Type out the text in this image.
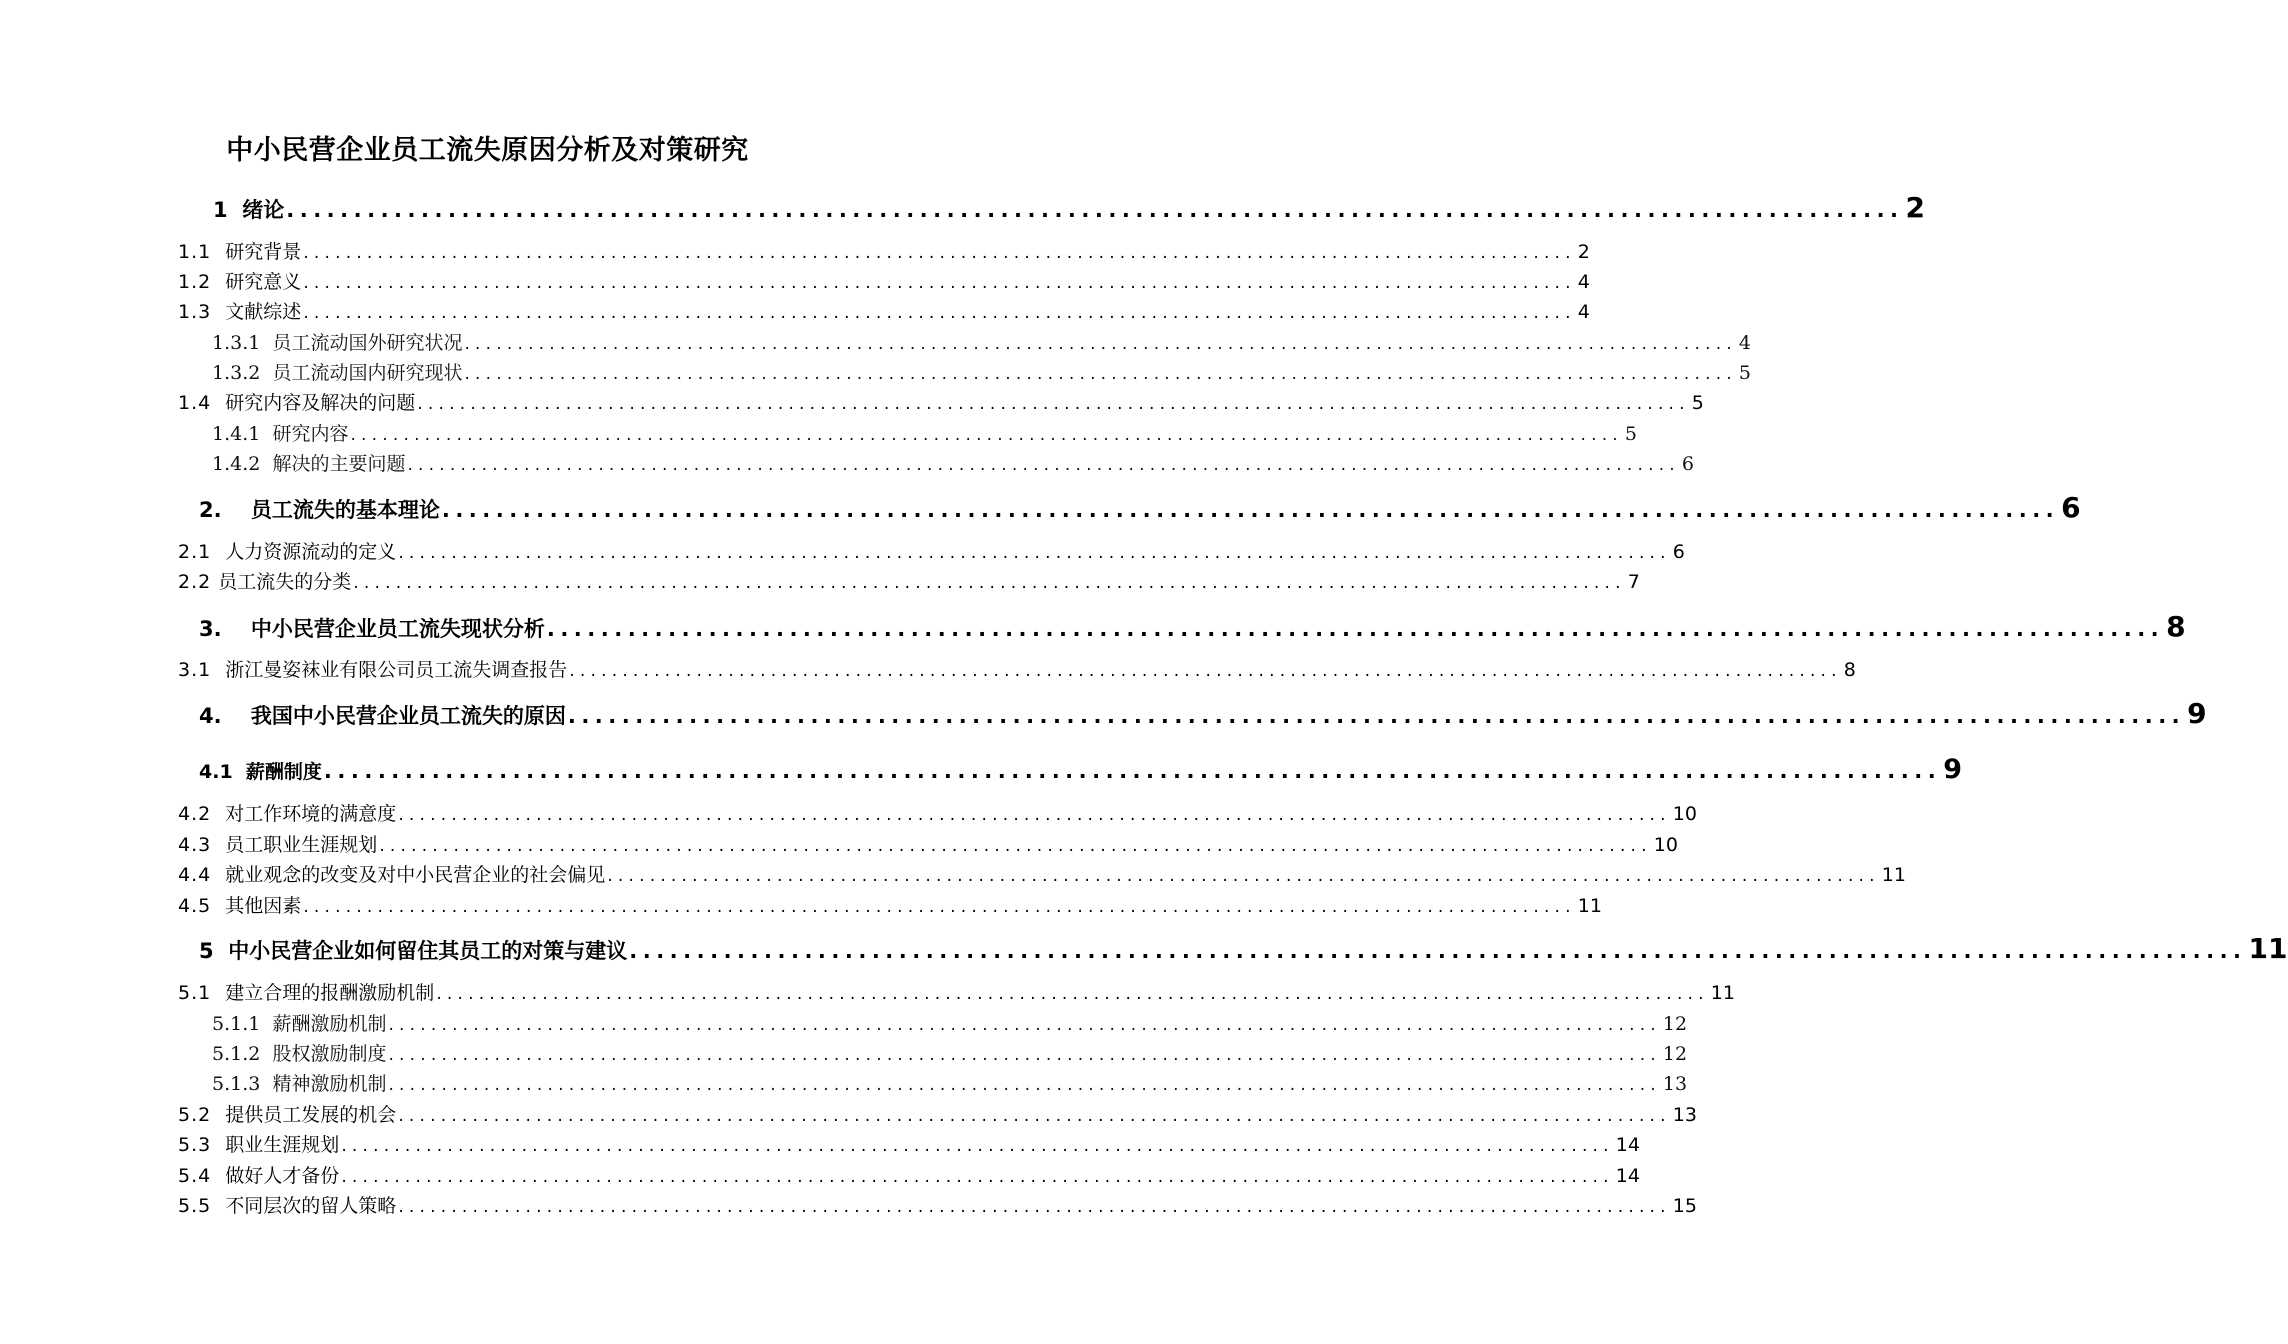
中小民营企业员工流失原因分析及对策研究
1 绪论 ........................................................................................................................ 2
1.1 研究背景 ........................................................................................................................ 2
1.2 研究意义 ........................................................................................................................ 4
1.3 文献综述 ........................................................................................................................ 4
1.3.1 员工流动国外研究状况 ........................................................................................................................ 4
1.3.2 员工流动国内研究现状 ........................................................................................................................ 5
1.4 研究内容及解决的问题 ........................................................................................................................ 5
1.4.1 研究内容 ........................................................................................................................ 5
1.4.2 解决的主要问题 ........................................................................................................................ 6
2. 员工流失的基本理论 ........................................................................................................................ 6
2.1 人力资源流动的定义 ........................................................................................................................ 6
2.2 员工流失的分类 ........................................................................................................................ 7
3. 中小民营企业员工流失现状分析 ........................................................................................................................ 8
3.1 浙江曼姿袜业有限公司员工流失调查报告 ........................................................................................................................ 8
4. 我国中小民营企业员工流失的原因 ........................................................................................................................ 9
4.1 薪酬制度 ........................................................................................................................ 9
4.2 对工作环境的满意度 ........................................................................................................................ 10
4.3 员工职业生涯规划 ........................................................................................................................ 10
4.4 就业观念的改变及对中小民营企业的社会偏见 ........................................................................................................................ 11
4.5 其他因素 ........................................................................................................................ 11
5 中小民营企业如何留住其员工的对策与建议 ........................................................................................................................ 11
5.1 建立合理的报酬激励机制 ........................................................................................................................ 11
5.1.1 薪酬激励机制 ........................................................................................................................ 12
5.1.2 股权激励制度 ........................................................................................................................ 12
5.1.3 精神激励机制 ........................................................................................................................ 13
5.2 提供员工发展的机会 ........................................................................................................................ 13
5.3 职业生涯规划 ........................................................................................................................ 14
5.4 做好人才备份 ........................................................................................................................ 14
5.5 不同层次的留人策略 ........................................................................................................................ 15
